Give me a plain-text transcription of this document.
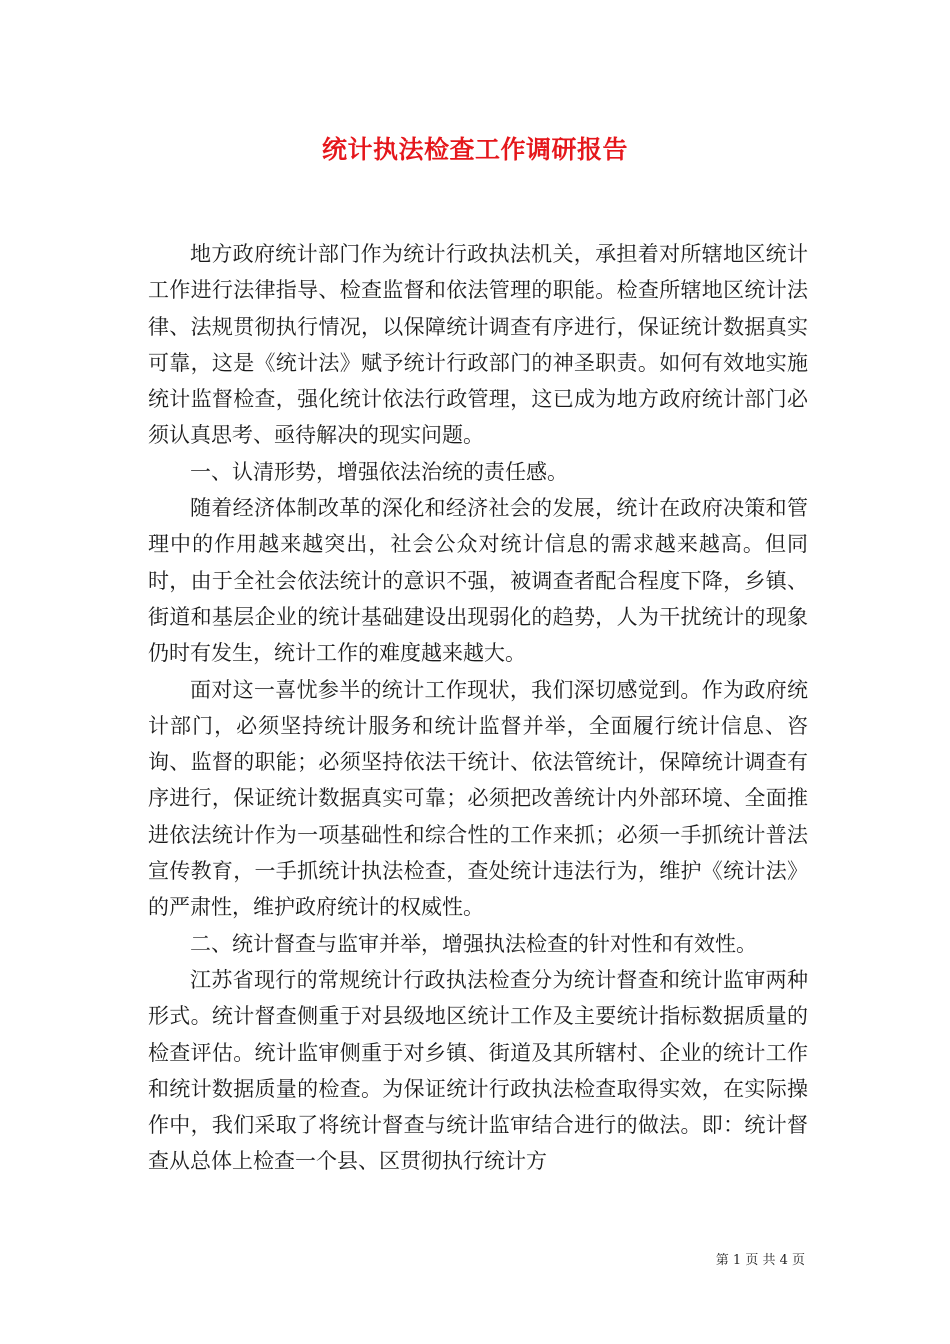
统计执法检查工作调研报告

地方政府统计部门作为统计行政执法机关，承担着对所辖地区统计工作进行法律指导、检查监督和依法管理的职能。检查所辖地区统计法律、法规贯彻执行情况，以保障统计调查有序进行，保证统计数据真实可靠，这是《统计法》赋予统计行政部门的神圣职责。如何有效地实施统计监督检查，强化统计依法行政管理，这已成为地方政府统计部门必须认真思考、亟待解决的现实问题。

一、认清形势，增强依法治统的责任感。

随着经济体制改革的深化和经济社会的发展，统计在政府决策和管理中的作用越来越突出，社会公众对统计信息的需求越来越高。但同时，由于全社会依法统计的意识不强，被调查者配合程度下降，乡镇、街道和基层企业的统计基础建设出现弱化的趋势，人为干扰统计的现象仍时有发生，统计工作的难度越来越大。

面对这一喜忧参半的统计工作现状，我们深切感觉到。作为政府统计部门，必须坚持统计服务和统计监督并举，全面履行统计信息、咨询、监督的职能；必须坚持依法干统计、依法管统计，保障统计调查有序进行，保证统计数据真实可靠；必须把改善统计内外部环境、全面推进依法统计作为一项基础性和综合性的工作来抓；必须一手抓统计普法宣传教育，一手抓统计执法检查，查处统计违法行为，维护《统计法》的严肃性，维护政府统计的权威性。

二、统计督查与监审并举，增强执法检查的针对性和有效性。

江苏省现行的常规统计行政执法检查分为统计督查和统计监审两种形式。统计督查侧重于对县级地区统计工作及主要统计指标数据质量的检查评估。统计监审侧重于对乡镇、街道及其所辖村、企业的统计工作和统计数据质量的检查。为保证统计行政执法检查取得实效，在实际操作中，我们采取了将统计督查与统计监审结合进行的做法。即：统计督查从总体上检查一个县、区贯彻执行统计方

第 1 页 共 4 页
